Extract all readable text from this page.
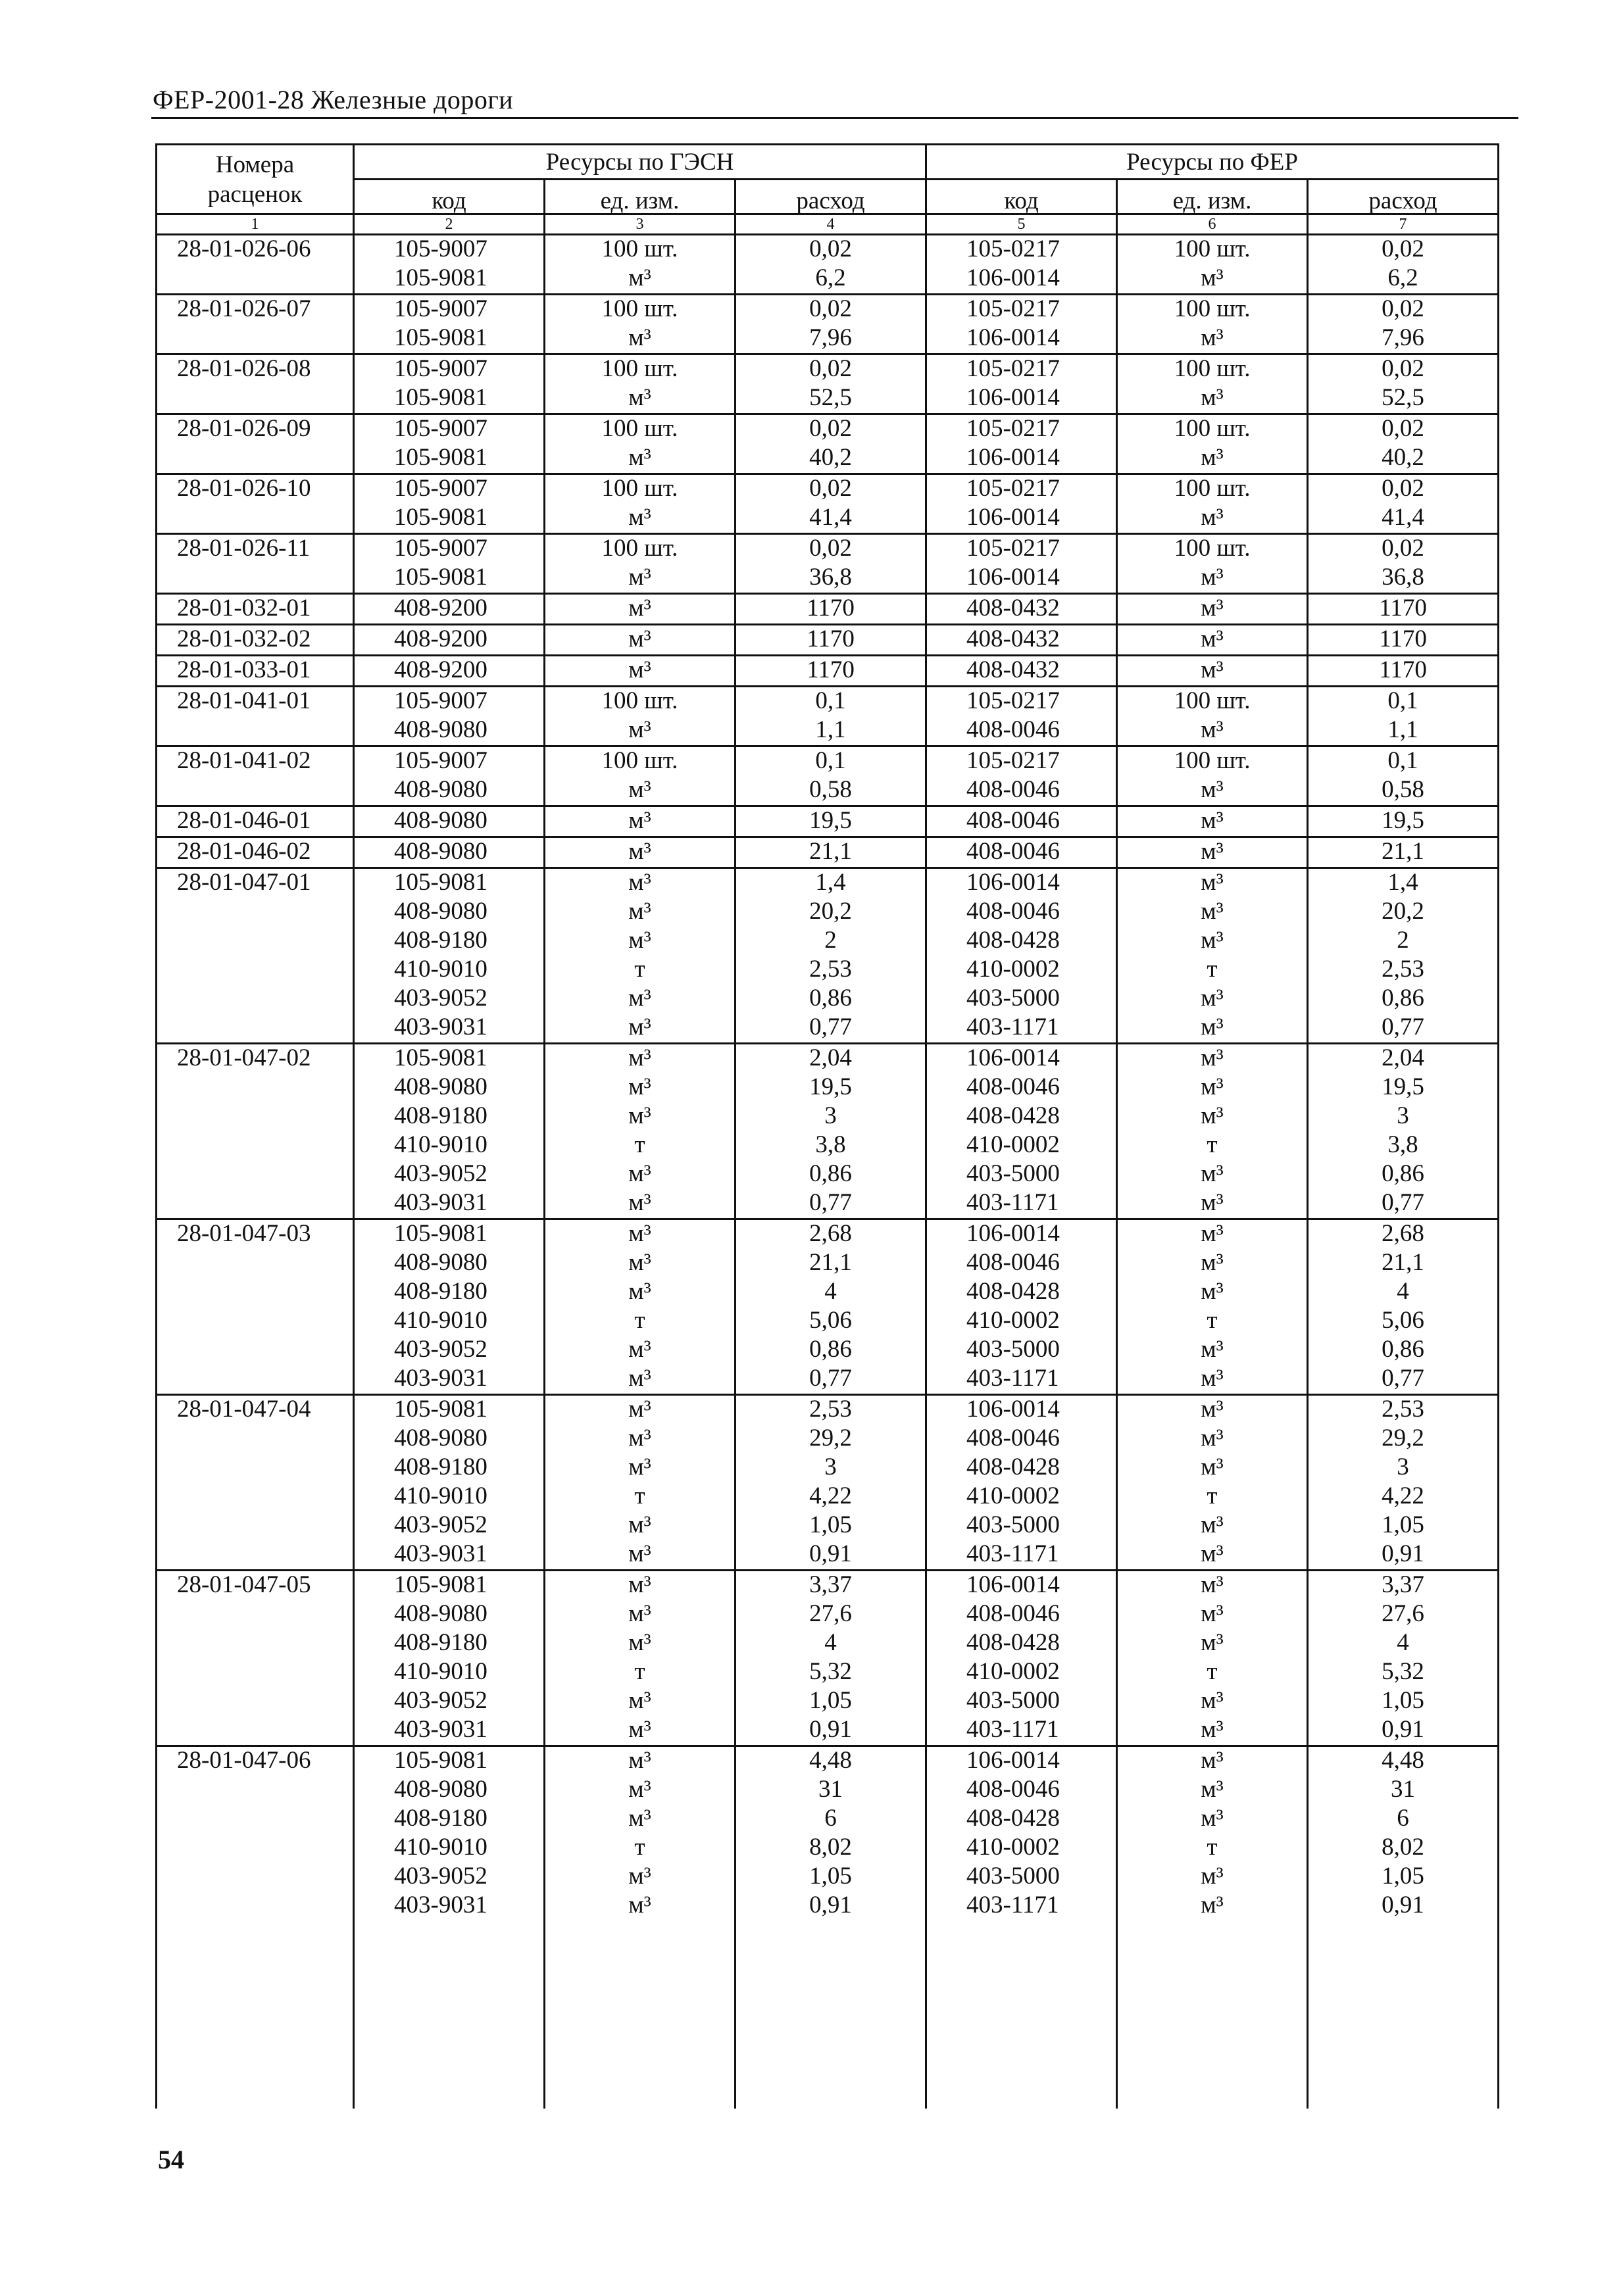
ФЕР-2001-28 Железные дороги
Номера
расценок	Ресурсы по ГЭСН			Ресурсы по ФЕР		
	код	ед. изм.	расход	код	ед. изм.	расход
1	2	3	4	5	6	7
28-01-026-06	105-9007	100 шт.	0,02	105-0217	100 шт.	0,02
	105-9081	м³	6,2	106-0014	м³	6,2
28-01-026-07	105-9007	100 шт.	0,02	105-0217	100 шт.	0,02
	105-9081	м³	7,96	106-0014	м³	7,96
28-01-026-08	105-9007	100 шт.	0,02	105-0217	100 шт.	0,02
	105-9081	м³	52,5	106-0014	м³	52,5
28-01-026-09	105-9007	100 шт.	0,02	105-0217	100 шт.	0,02
	105-9081	м³	40,2	106-0014	м³	40,2
28-01-026-10	105-9007	100 шт.	0,02	105-0217	100 шт.	0,02
	105-9081	м³	41,4	106-0014	м³	41,4
28-01-026-11	105-9007	100 шт.	0,02	105-0217	100 шт.	0,02
	105-9081	м³	36,8	106-0014	м³	36,8
28-01-032-01	408-9200	м³	1170	408-0432	м³	1170
28-01-032-02	408-9200	м³	1170	408-0432	м³	1170
28-01-033-01	408-9200	м³	1170	408-0432	м³	1170
28-01-041-01	105-9007	100 шт.	0,1	105-0217	100 шт.	0,1
	408-9080	м³	1,1	408-0046	м³	1,1
28-01-041-02	105-9007	100 шт.	0,1	105-0217	100 шт.	0,1
	408-9080	м³	0,58	408-0046	м³	0,58
28-01-046-01	408-9080	м³	19,5	408-0046	м³	19,5
28-01-046-02	408-9080	м³	21,1	408-0046	м³	21,1
28-01-047-01	105-9081	м³	1,4	106-0014	м³	1,4
	408-9080	м³	20,2	408-0046	м³	20,2
	408-9180	м³	2	408-0428	м³	2
	410-9010	т	2,53	410-0002	т	2,53
	403-9052	м³	0,86	403-5000	м³	0,86
	403-9031	м³	0,77	403-1171	м³	0,77
28-01-047-02	105-9081	м³	2,04	106-0014	м³	2,04
	408-9080	м³	19,5	408-0046	м³	19,5
	408-9180	м³	3	408-0428	м³	3
	410-9010	т	3,8	410-0002	т	3,8
	403-9052	м³	0,86	403-5000	м³	0,86
	403-9031	м³	0,77	403-1171	м³	0,77
28-01-047-03	105-9081	м³	2,68	106-0014	м³	2,68
	408-9080	м³	21,1	408-0046	м³	21,1
	408-9180	м³	4	408-0428	м³	4
	410-9010	т	5,06	410-0002	т	5,06
	403-9052	м³	0,86	403-5000	м³	0,86
	403-9031	м³	0,77	403-1171	м³	0,77
28-01-047-04	105-9081	м³	2,53	106-0014	м³	2,53
	408-9080	м³	29,2	408-0046	м³	29,2
	408-9180	м³	3	408-0428	м³	3
	410-9010	т	4,22	410-0002	т	4,22
	403-9052	м³	1,05	403-5000	м³	1,05
	403-9031	м³	0,91	403-1171	м³	0,91
28-01-047-05	105-9081	м³	3,37	106-0014	м³	3,37
	408-9080	м³	27,6	408-0046	м³	27,6
	408-9180	м³	4	408-0428	м³	4
	410-9010	т	5,32	410-0002	т	5,32
	403-9052	м³	1,05	403-5000	м³	1,05
	403-9031	м³	0,91	403-1171	м³	0,91
28-01-047-06	105-9081	м³	4,48	106-0014	м³	4,48
	408-9080	м³	31	408-0046	м³	31
	408-9180	м³	6	408-0428	м³	6
	410-9010	т	8,02	410-0002	т	8,02
	403-9052	м³	1,05	403-5000	м³	1,05
	403-9031	м³	0,91	403-1171	м³	0,91

54
